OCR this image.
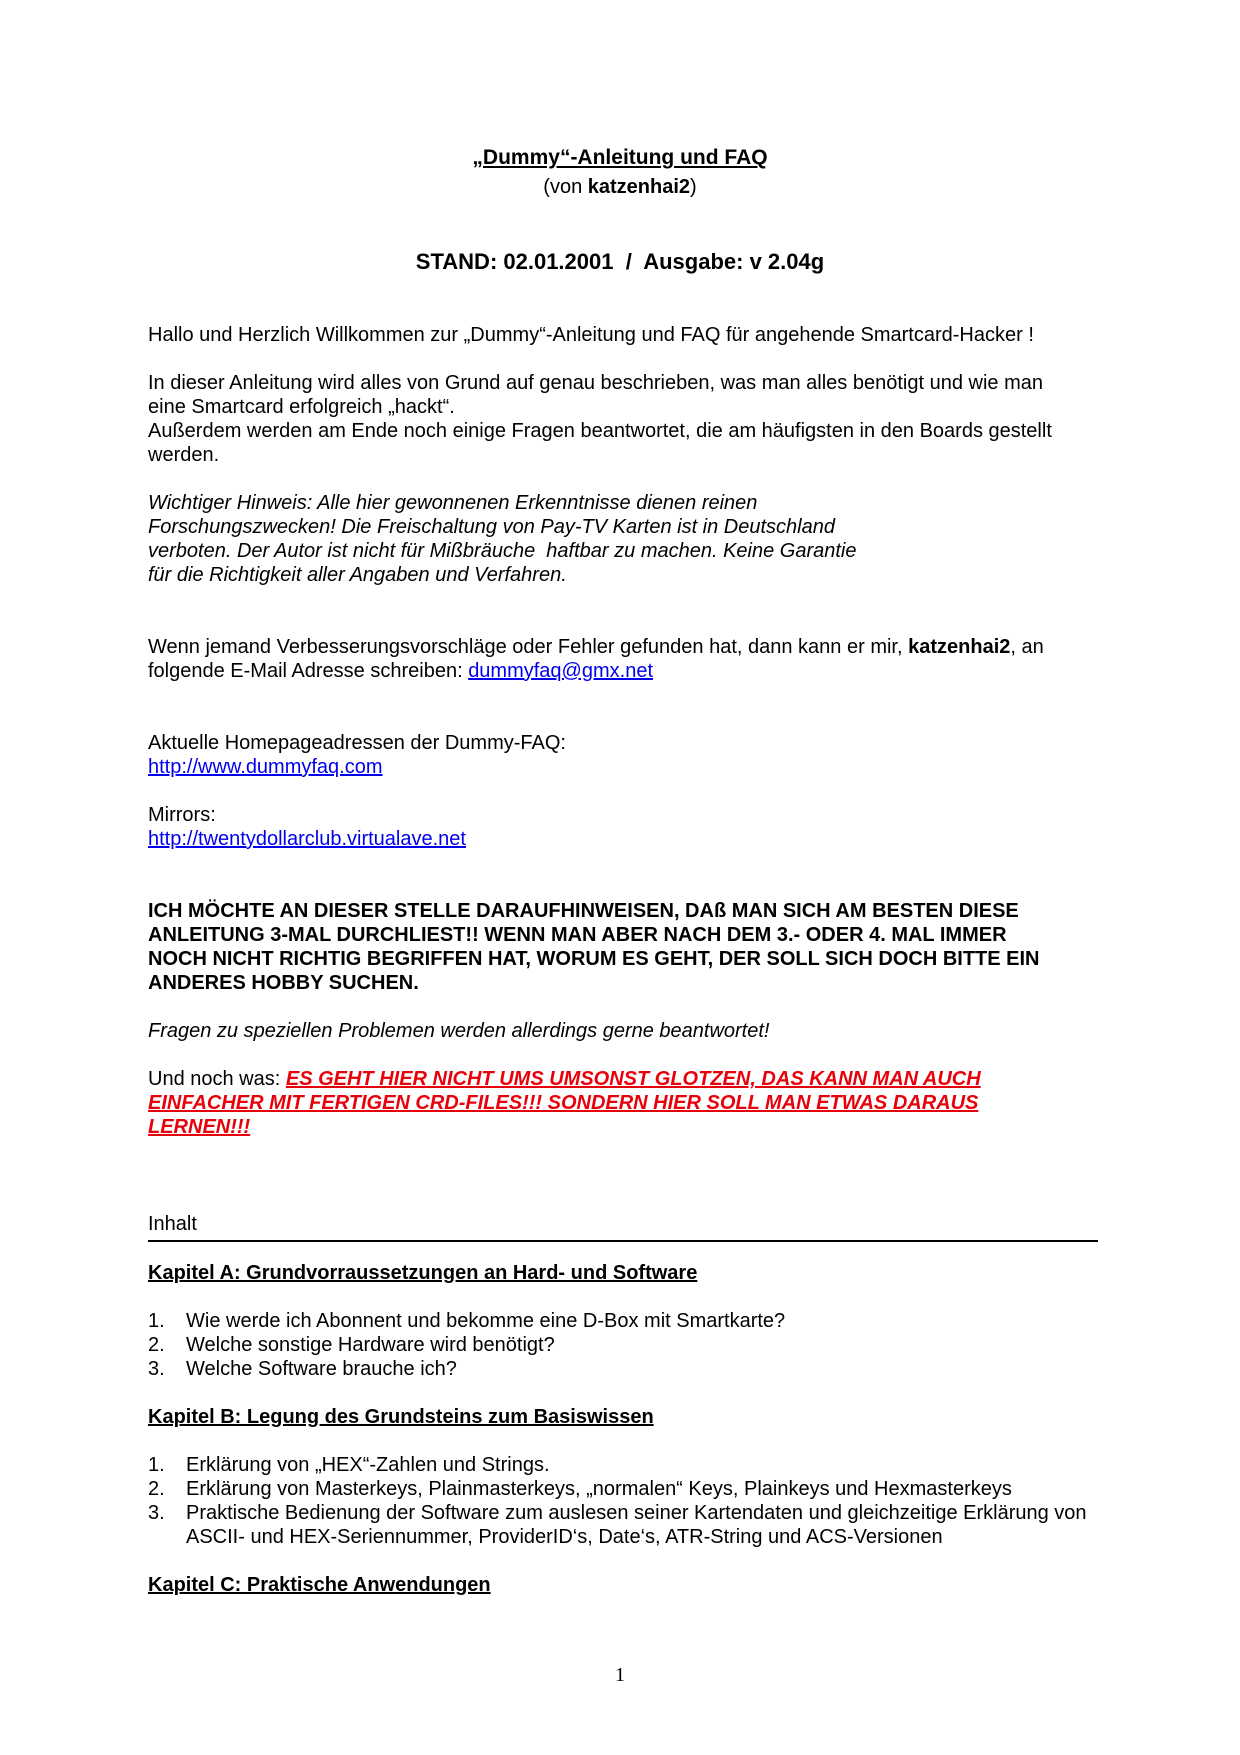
„Dummy“-Anleitung und FAQ
(von katzenhai2)
STAND: 02.01.2001  /  Ausgabe: v 2.04g

Hallo und Herzlich Willkommen zur „Dummy“-Anleitung und FAQ für angehende Smartcard-Hacker !

In dieser Anleitung wird alles von Grund auf genau beschrieben, was man alles benötigt und wie man
eine Smartcard erfolgreich „hackt“.
Außerdem werden am Ende noch einige Fragen beantwortet, die am häufigsten in den Boards gestellt
werden.
Wichtiger Hinweis: Alle hier gewonnenen Erkenntnisse dienen reinen
Forschungszwecken! Die Freischaltung von Pay-TV Karten ist in Deutschland
verboten. Der Autor ist nicht für Mißbräuche  haftbar zu machen. Keine Garantie
für die Richtigkeit aller Angaben und Verfahren.
Wenn jemand Verbesserungsvorschläge oder Fehler gefunden hat, dann kann er mir, katzenhai2, an
folgende E-Mail Adresse schreiben: dummyfaq@gmx.net
Aktuelle Homepageadressen der Dummy-FAQ:
http://www.dummyfaq.com
Mirrors:
http://twentydollarclub.virtualave.net
ICH MÖCHTE AN DIESER STELLE DARAUFHINWEISEN, DAß MAN SICH AM BESTEN DIESE
ANLEITUNG 3-MAL DURCHLIEST!! WENN MAN ABER NACH DEM 3.- ODER 4. MAL IMMER
NOCH NICHT RICHTIG BEGRIFFEN HAT, WORUM ES GEHT, DER SOLL SICH DOCH BITTE EIN
ANDERES HOBBY SUCHEN.
Fragen zu speziellen Problemen werden allerdings gerne beantwortet!
Und noch was: ES GEHT HIER NICHT UMS UMSONST GLOTZEN, DAS KANN MAN AUCH
EINFACHER MIT FERTIGEN CRD-FILES!!! SONDERN HIER SOLL MAN ETWAS DARAUS
LERNEN!!!
Inhalt
Kapitel A: Grundvorraussetzungen an Hard- und Software
1. Wie werde ich Abonnent und bekomme eine D-Box mit Smartkarte?
2. Welche sonstige Hardware wird benötigt?
3. Welche Software brauche ich?
Kapitel B: Legung des Grundsteins zum Basiswissen
1. Erklärung von „HEX“-Zahlen und Strings.
2. Erklärung von Masterkeys, Plainmasterkeys, „normalen“ Keys, Plainkeys und Hexmasterkeys
3. Praktische Bedienung der Software zum auslesen seiner Kartendaten und gleichzeitige Erklärung von ASCII- und HEX-Seriennummer, ProviderID‘s, Date‘s, ATR-String und ACS-Versionen
Kapitel C: Praktische Anwendungen
1
